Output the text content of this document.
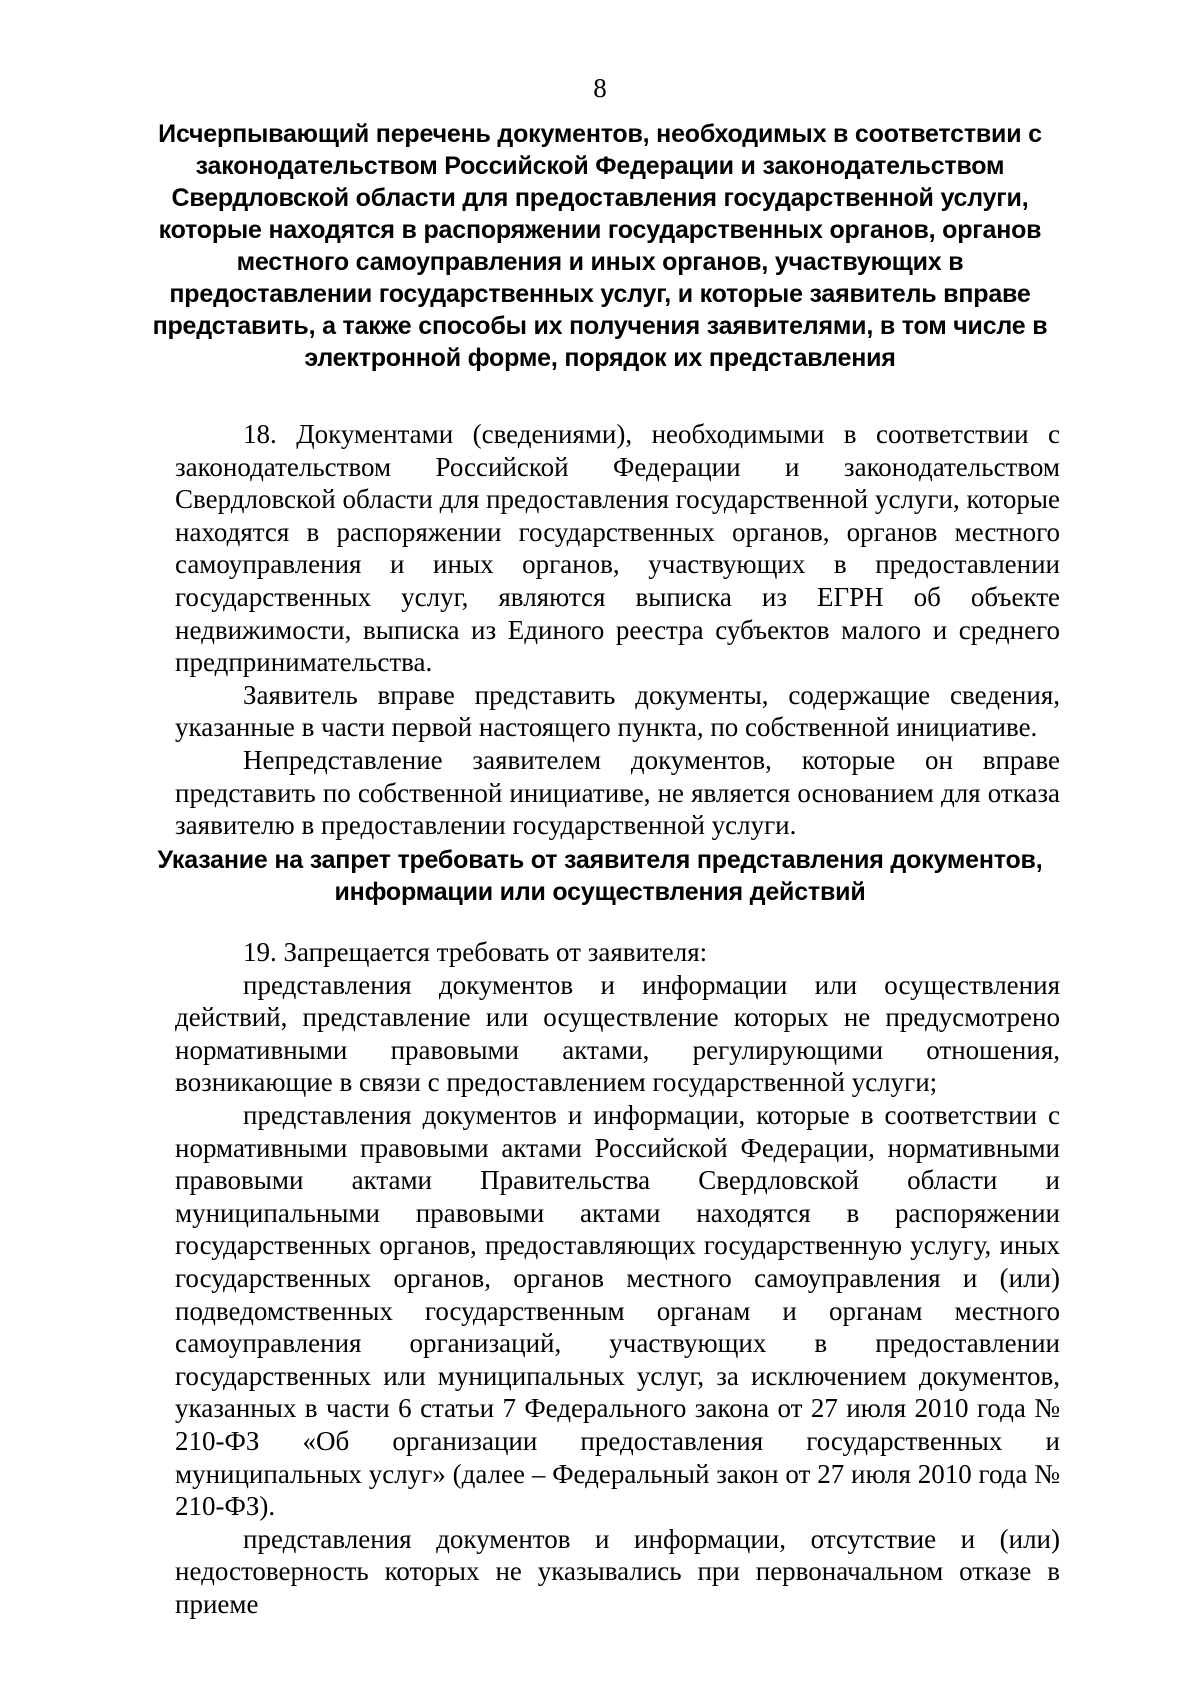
8
Исчерпывающий перечень документов, необходимых в соответствии с законодательством Российской Федерации и законодательством Свердловской области для предоставления государственной услуги, которые находятся в распоряжении государственных органов, органов местного самоуправления и иных органов, участвующих в предоставлении государственных услуг, и которые заявитель вправе представить, а также способы их получения заявителями, в том числе в электронной форме, порядок их представления

18. Документами (сведениями), необходимыми в соответствии с законодательством Российской Федерации и законодательством Свердловской области для предоставления государственной услуги, которые находятся в распоряжении государственных органов, органов местного самоуправления и иных органов, участвующих в предоставлении государственных услуг, являются выписка из ЕГРН об объекте недвижимости, выписка из Единого реестра субъектов малого и среднего предпринимательства.

Заявитель вправе представить документы, содержащие сведения, указанные в части первой настоящего пункта, по собственной инициативе.

Непредставление заявителем документов, которые он вправе представить по собственной инициативе, не является основанием для отказа заявителю в предоставлении государственной услуги.

Указание на запрет требовать от заявителя представления документов, информации или осуществления действий

19. Запрещается требовать от заявителя:

представления документов и информации или осуществления действий, представление или осуществление которых не предусмотрено нормативными правовыми актами, регулирующими отношения, возникающие в связи с предоставлением государственной услуги;

представления документов и информации, которые в соответствии с нормативными правовыми актами Российской Федерации, нормативными правовыми актами Правительства Свердловской области и муниципальными правовыми актами находятся в распоряжении государственных органов, предоставляющих государственную услугу, иных государственных органов, органов местного самоуправления и (или) подведомственных государственным органам и органам местного самоуправления организаций, участвующих в предоставлении государственных или муниципальных услуг, за исключением документов, указанных в части 6 статьи 7 Федерального закона от 27 июля 2010 года № 210-ФЗ «Об организации предоставления государственных и муниципальных услуг» (далее – Федеральный закон от 27 июля 2010 года № 210-ФЗ).

представления документов и информации, отсутствие и (или) недостоверность которых не указывались при первоначальном отказе в приеме
